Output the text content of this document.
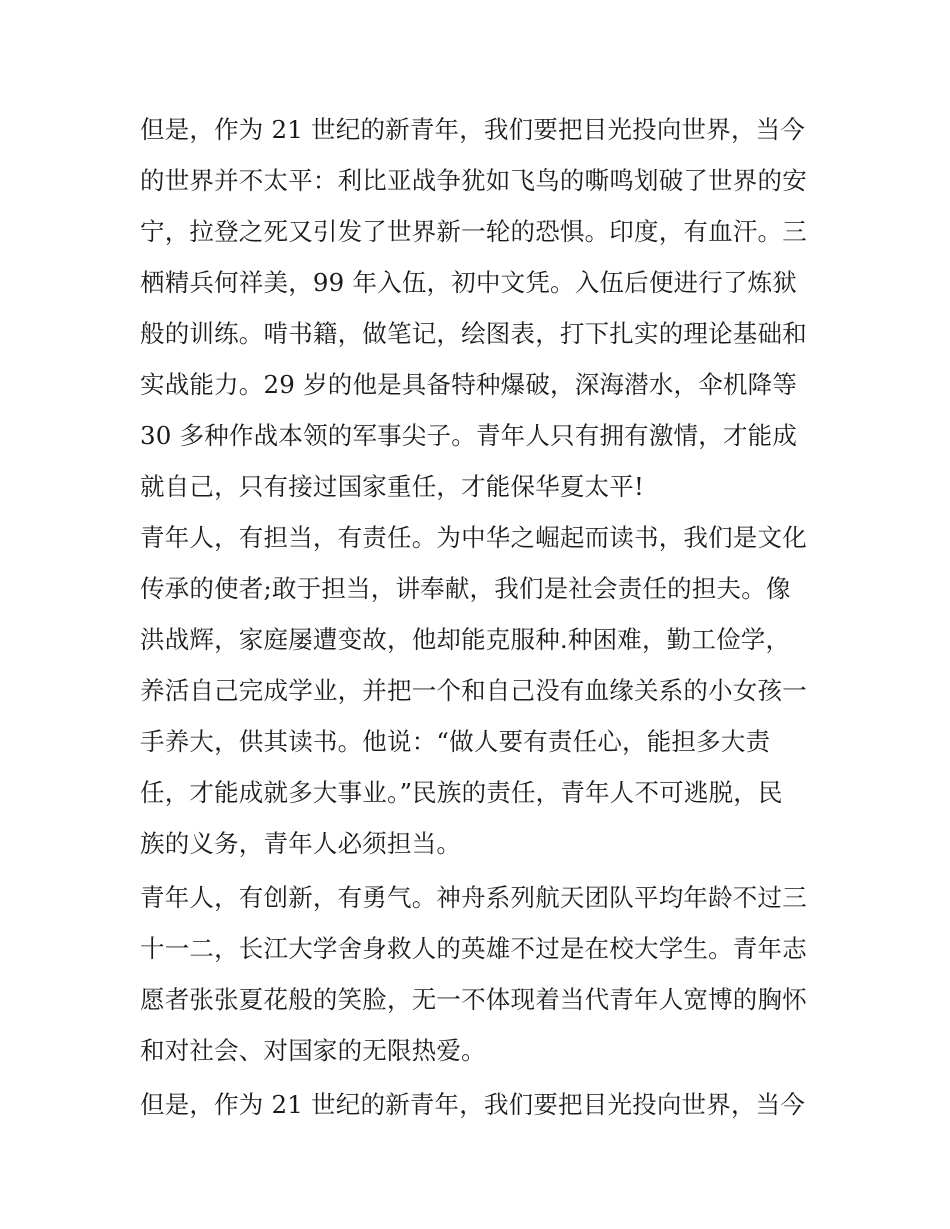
但是，作为 21 世纪的新青年，我们要把目光投向世界，当今
的世界并不太平：利比亚战争犹如飞鸟的嘶鸣划破了世界的安
宁，拉登之死又引发了世界新一轮的恐惧。印度，有血汗。三
栖精兵何祥美，99 年入伍，初中文凭。入伍后便进行了炼狱
般的训练。啃书籍，做笔记，绘图表，打下扎实的理论基础和
实战能力。29 岁的他是具备特种爆破，深海潜水，伞机降等
30 多种作战本领的军事尖子。青年人只有拥有激情，才能成
就自己，只有接过国家重任，才能保华夏太平!
青年人，有担当，有责任。为中华之崛起而读书，我们是文化
传承的使者;敢于担当，讲奉献，我们是社会责任的担夫。像
洪战辉，家庭屡遭变故，他却能克服种.种困难，勤工俭学，
养活自己完成学业，并把一个和自己没有血缘关系的小女孩一
手养大，供其读书。他说：“做人要有责任心，能担多大责
任，才能成就多大事业。”民族的责任，青年人不可逃脱，民
族的义务，青年人必须担当。
青年人，有创新，有勇气。神舟系列航天团队平均年龄不过三
十一二，长江大学舍身救人的英雄不过是在校大学生。青年志
愿者张张夏花般的笑脸，无一不体现着当代青年人宽博的胸怀
和对社会、对国家的无限热爱。
但是，作为 21 世纪的新青年，我们要把目光投向世界，当今
